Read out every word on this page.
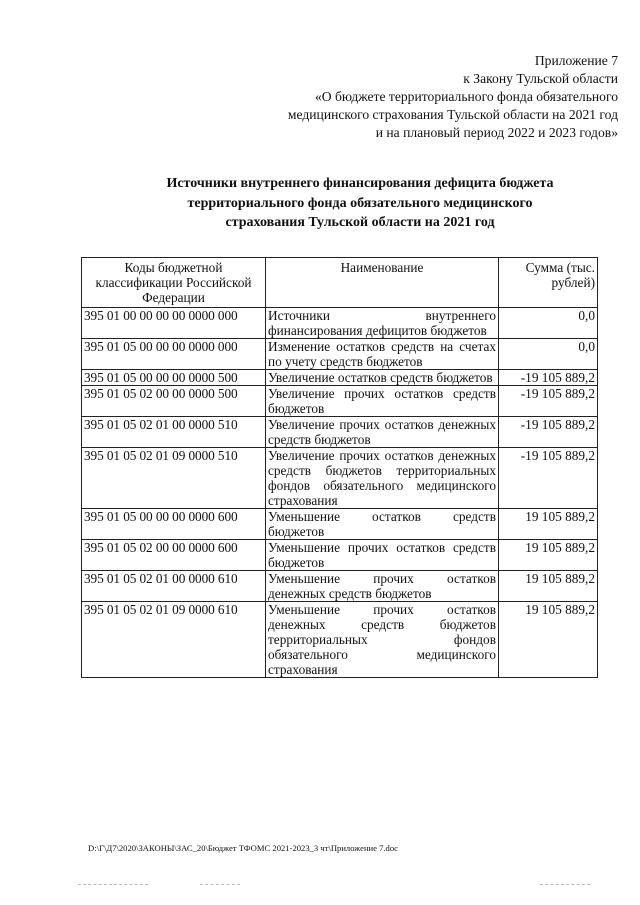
Приложение 7
к Закону Тульской области
«О бюджете территориального фонда обязательного
медицинского страхования Тульской области на 2021 год
и на плановый период 2022 и 2023 годов»
Источники внутреннего финансирования дефицита бюджета
территориального фонда обязательного медицинского
страхования Тульской области на 2021 год
Коды бюджетной классификации Российской Федерации	Наименование	Сумма (тыс. рублей)
395 01 00 00 00 00 0000 000	Источники внутреннего финансирования дефицитов бюджетов	0,0
395 01 05 00 00 00 0000 000	Изменение остатков средств на счетах по учету средств бюджетов	0,0
395 01 05 00 00 00 0000 500	Увеличение остатков средств бюджетов	-19 105 889,2
395 01 05 02 00 00 0000 500	Увеличение прочих остатков средств бюджетов	-19 105 889,2
395 01 05 02 01 00 0000 510	Увеличение прочих остатков денежных средств бюджетов	-19 105 889,2
395 01 05 02 01 09 0000 510	Увеличение прочих остатков денежных средств бюджетов территориальных фондов обязательного медицинского страхования	-19 105 889,2
395 01 05 00 00 00 0000 600	Уменьшение остатков средств бюджетов	19 105 889,2
395 01 05 02 00 00 0000 600	Уменьшение прочих остатков средств бюджетов	19 105 889,2
395 01 05 02 01 00 0000 610	Уменьшение прочих остатков денежных средств бюджетов	19 105 889,2
395 01 05 02 01 09 0000 610	Уменьшение прочих остатков денежных средств бюджетов территориальных фондов обязательного медицинского страхования	19 105 889,2
D:\Г\Д7\2020\ЗАКОНЫ\ЗАС_20\Бюджет ТФОМС 2021-2023_3 чт\Приложение 7.doc
